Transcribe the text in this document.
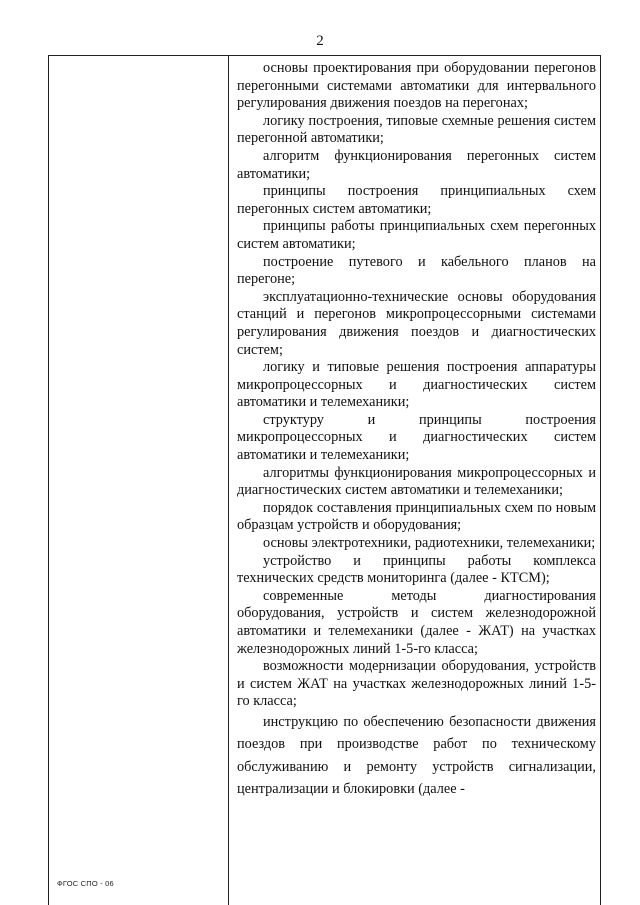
2

основы проектирования при оборудовании перегонов перегонными системами автоматики для интервального регулирования движения поездов на перегонах;

логику построения, типовые схемные решения систем перегонной автоматики;

алгоритм функционирования перегонных систем автоматики;

принципы построения принципиальных схем перегонных систем автоматики;

принципы работы принципиальных схем перегонных систем автоматики;

построение путевого и кабельного планов на перегоне;

эксплуатационно-технические основы оборудования станций и перегонов микропроцессорными системами регулирования движения поездов и диагностических систем;

логику и типовые решения построения аппаратуры микропроцессорных и диагностических систем автоматики и телемеханики;

структуру и принципы построения микропроцессорных и диагностических систем автоматики и телемеханики;

алгоритмы функционирования микропроцессорных и диагностических систем автоматики и телемеханики;

порядок составления принципиальных схем по новым образцам устройств и оборудования;

основы электротехники, радиотехники, телемеханики;

устройство и принципы работы комплекса технических средств мониторинга (далее - КТСМ);

современные методы диагностирования оборудования, устройств и систем железнодорожной автоматики и телемеханики (далее - ЖАТ) на участках железнодорожных линий 1-5-го класса;

возможности модернизации оборудования, устройств и систем ЖАТ на участках железнодорожных линий 1-5-го класса;

инструкцию по обеспечению безопасности движения поездов при производстве работ по техническому обслуживанию и ремонту устройств сигнализации, централизации и блокировки (далее -

ФГОС СПО - 06
